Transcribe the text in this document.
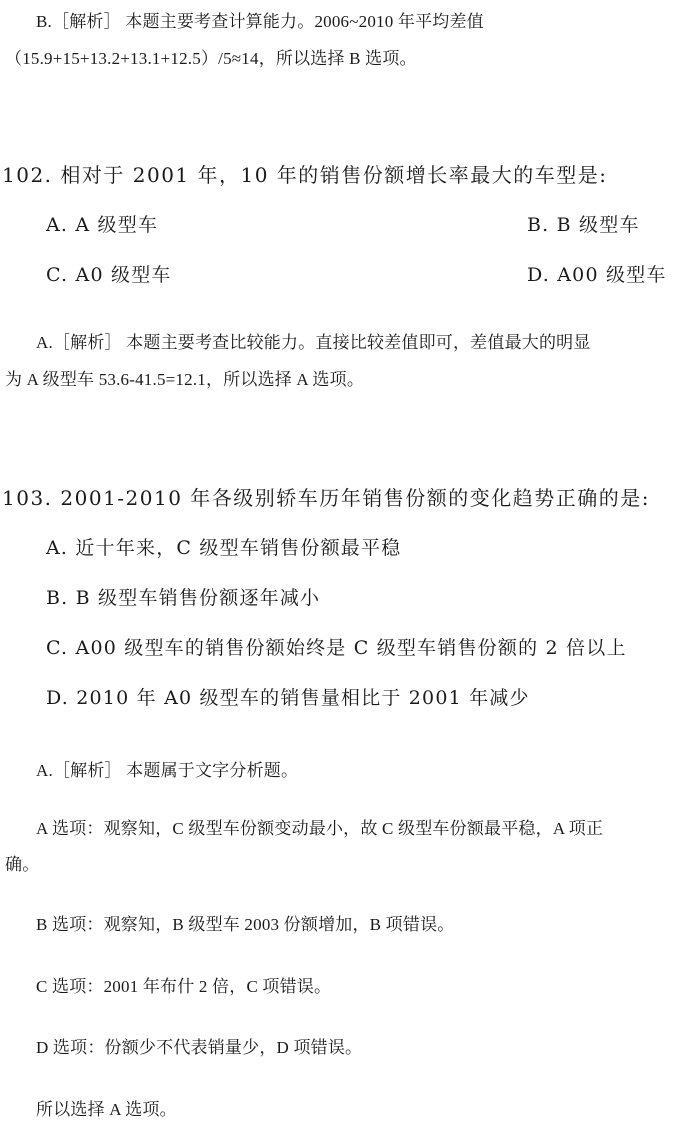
B.［解析］ 本题主要考查计算能力。2006~2010 年平均差值
（15.9+15+13.2+13.1+12.5）/5≈14，所以选择 B 选项。
102. 相对于 2001 年，10 年的销售份额增长率最大的车型是:
A. A 级型车	B. B 级型车
C. A0 级型车	D. A00 级型车
A.［解析］ 本题主要考查比较能力。直接比较差值即可，差值最大的明显
为 A 级型车 53.6-41.5=12.1，所以选择 A 选项。
103. 2001-2010 年各级别轿车历年销售份额的变化趋势正确的是:
A. 近十年来，C 级型车销售份额最平稳
B. B 级型车销售份额逐年减小
C. A00 级型车的销售份额始终是 C 级型车销售份额的 2 倍以上
D. 2010 年 A0 级型车的销售量相比于 2001 年减少
A.［解析］ 本题属于文字分析题。
A 选项：观察知，C 级型车份额变动最小，故 C 级型车份额最平稳，A 项正
确。
B 选项：观察知，B 级型车 2003 份额增加，B 项错误。
C 选项：2001 年布什 2 倍，C 项错误。
D 选项：份额少不代表销量少，D 项错误。
所以选择 A 选项。
